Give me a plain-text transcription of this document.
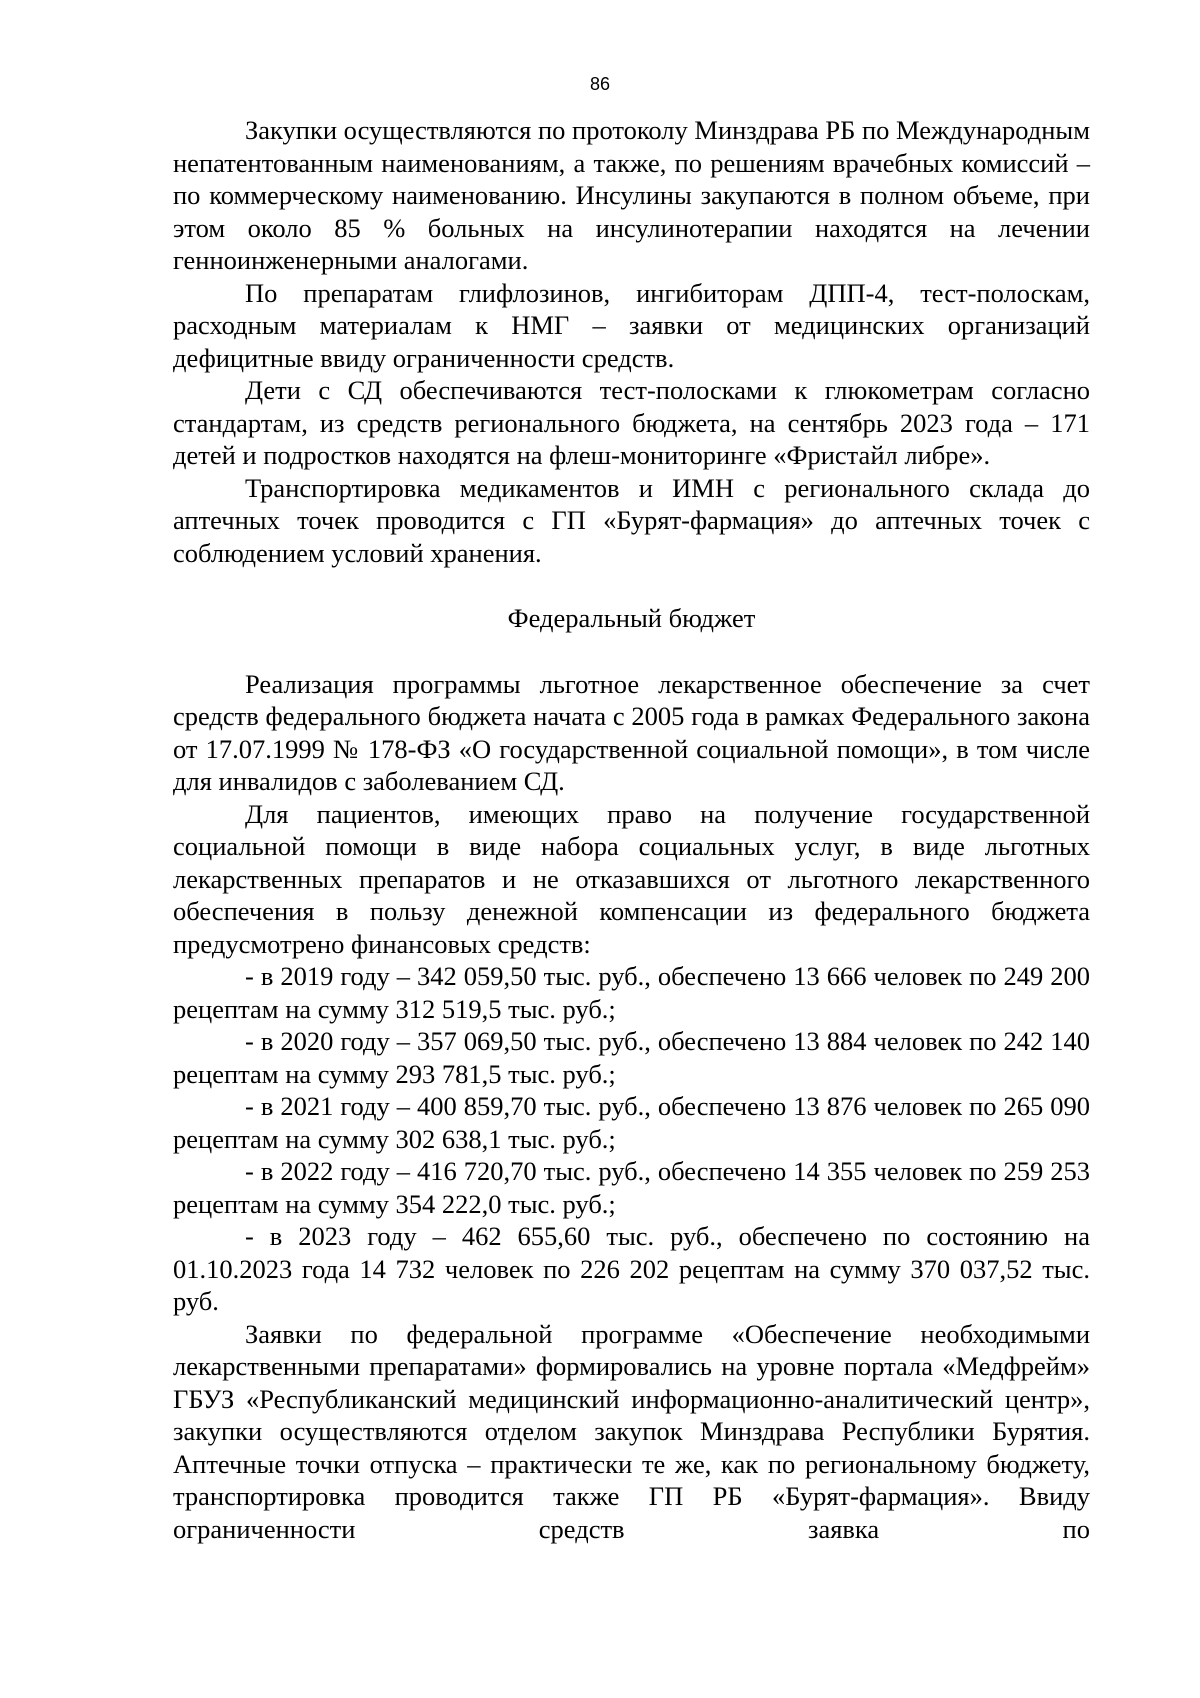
86

Закупки осуществляются по протоколу Минздрава РБ по Международным непатентованным наименованиям, а также, по решениям врачебных комиссий – по коммерческому наименованию. Инсулины закупаются в полном объеме, при этом около 85 % больных на инсулинотерапии находятся на лечении генноинженерными аналогами.

По препаратам глифлозинов, ингибиторам ДПП-4, тест-полоскам, расходным материалам к НМГ – заявки от медицинских организаций дефицитные ввиду ограниченности средств.

Дети с СД обеспечиваются тест-полосками к глюкометрам согласно стандартам, из средств регионального бюджета, на сентябрь 2023 года – 171 детей и подростков находятся на флеш-мониторинге «Фристайл либре».

Транспортировка медикаментов и ИМН с регионального склада до аптечных точек проводится с ГП «Бурят-фармация» до аптечных точек с соблюдением условий хранения.

Федеральный бюджет

Реализация программы льготное лекарственное обеспечение за счет средств федерального бюджета начата с 2005 года в рамках Федерального закона от 17.07.1999 № 178-ФЗ «О государственной социальной помощи», в том числе для инвалидов с заболеванием СД.

Для пациентов, имеющих право на получение государственной социальной помощи в виде набора социальных услуг, в виде льготных лекарственных препаратов и не отказавшихся от льготного лекарственного обеспечения в пользу денежной компенсации из федерального бюджета предусмотрено финансовых средств:

- в 2019 году – 342 059,50 тыс. руб., обеспечено 13 666 человек по 249 200 рецептам на сумму 312 519,5 тыс. руб.;

- в 2020 году – 357 069,50 тыс. руб., обеспечено 13 884 человек по 242 140 рецептам на сумму 293 781,5 тыс. руб.;

- в 2021 году – 400 859,70 тыс. руб., обеспечено 13 876 человек по 265 090 рецептам на сумму 302 638,1 тыс. руб.;

- в 2022 году – 416 720,70 тыс. руб., обеспечено 14 355 человек по 259 253 рецептам на сумму 354 222,0 тыс. руб.;

- в 2023 году – 462 655,60 тыс. руб., обеспечено по состоянию на 01.10.2023 года 14 732 человек по 226 202 рецептам на сумму 370 037,52 тыс. руб.

Заявки по федеральной программе «Обеспечение необходимыми лекарственными препаратами» формировались на уровне портала «Медфрейм» ГБУЗ «Республиканский медицинский информационно-аналитический центр», закупки осуществляются отделом закупок Минздрава Республики Бурятия. Аптечные точки отпуска – практически те же, как по региональному бюджету, транспортировка проводится также ГП РБ «Бурят-фармация». Ввиду ограниченности средств заявка по
